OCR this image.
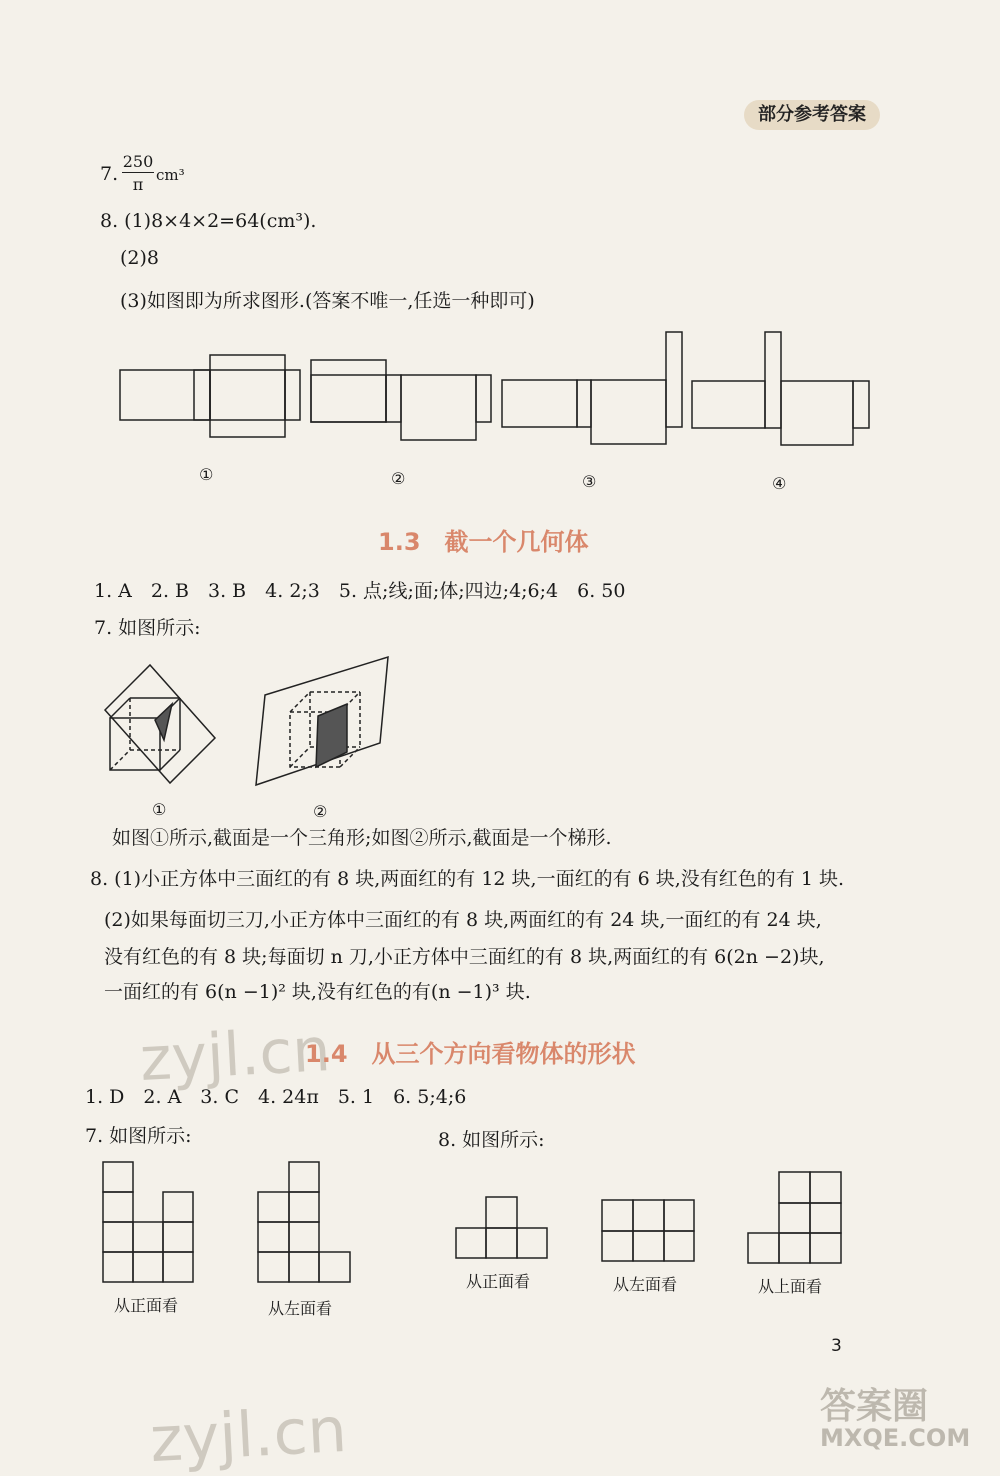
部分参考答案
7. $\frac{250}{\pi} cm^3$
8. (1)8×4×2=64(cm³).
(2)8
(3)如图即为所求图形.(答案不唯一,任选一种即可)
①	②	③	④
1.3　截一个几何体
1. A　2. B　3. B　4. 2;3　5. 点;线;面;体;四边;4;6;4　6. 50
7. 如图所示:
①	②
如图①所示,截面是一个三角形;如图②所示,截面是一个梯形.
8. (1)小正方体中三面红的有 8 块,两面红的有 12 块,一面红的有 6 块,没有红色的有 1 块.
(2)如果每面切三刀,小正方体中三面红的有 8 块,两面红的有 24 块,一面红的有 24 块,
没有红色的有 8 块;每面切 n 刀,小正方体中三面红的有 8 块,两面红的有 6(2n −2)块,
一面红的有 6(n −1)² 块,没有红色的有(n −1)³ 块.
zyjl.cn
1.4　从三个方向看物体的形状
1. D　2. A　3. C　4. 24π　5. 1　6. 5;4;6
7. 如图所示:	8. 如图所示:
从正面看	从左面看
从正面看	从左面看	从上面看
3
zyjl.cn	答案圈
MXQE.COM
